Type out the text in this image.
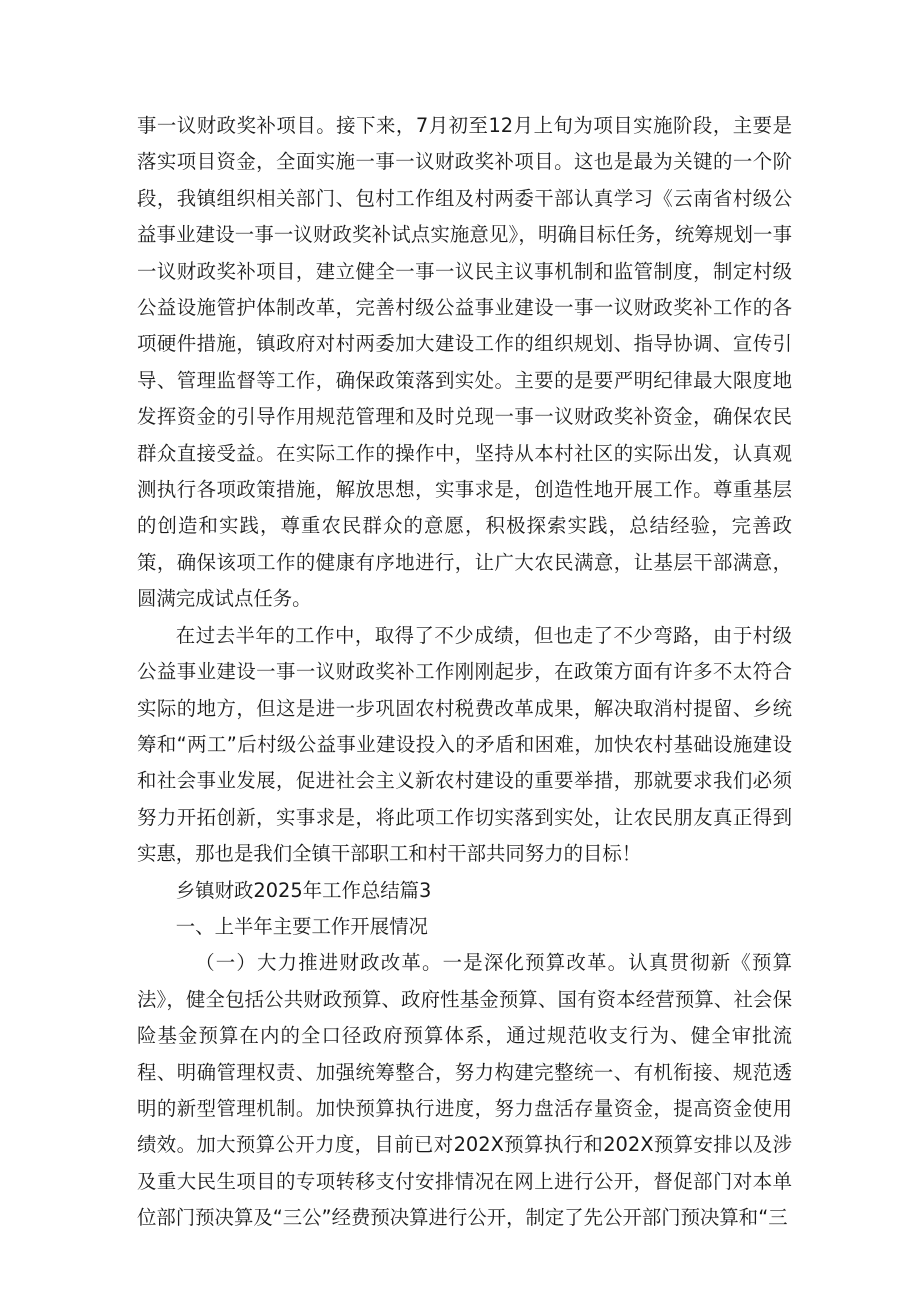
事一议财政奖补项目。接下来，7月初至12月上旬为项目实施阶段，主要是落实项目资金，全面实施一事一议财政奖补项目。这也是最为关键的一个阶段，我镇组织相关部门、包村工作组及村两委干部认真学习《云南省村级公益事业建设一事一议财政奖补试点实施意见》，明确目标任务，统筹规划一事一议财政奖补项目，建立健全一事一议民主议事机制和监管制度，制定村级公益设施管护体制改革，完善村级公益事业建设一事一议财政奖补工作的各项硬件措施，镇政府对村两委加大建设工作的组织规划、指导协调、宣传引导、管理监督等工作，确保政策落到实处。主要的是要严明纪律最大限度地发挥资金的引导作用规范管理和及时兑现一事一议财政奖补资金，确保农民群众直接受益。在实际工作的操作中，坚持从本村社区的实际出发，认真观测执行各项政策措施，解放思想，实事求是，创造性地开展工作。尊重基层的创造和实践，尊重农民群众的意愿，积极探索实践，总结经验，完善政策，确保该项工作的健康有序地进行，让广大农民满意，让基层干部满意，圆满完成试点任务。

在过去半年的工作中，取得了不少成绩，但也走了不少弯路，由于村级公益事业建设一事一议财政奖补工作刚刚起步，在政策方面有许多不太符合实际的地方，但这是进一步巩固农村税费改革成果，解决取消村提留、乡统筹和“两工”后村级公益事业建设投入的矛盾和困难，加快农村基础设施建设和社会事业发展，促进社会主义新农村建设的重要举措，那就要求我们必须努力开拓创新，实事求是，将此项工作切实落到实处，让农民朋友真正得到实惠，那也是我们全镇干部职工和村干部共同努力的目标！

乡镇财政2025年工作总结篇3

一、上半年主要工作开展情况

（一）大力推进财政改革。一是深化预算改革。认真贯彻新《预算法》，健全包括公共财政预算、政府性基金预算、国有资本经营预算、社会保险基金预算在内的全口径政府预算体系，通过规范收支行为、健全审批流程、明确管理权责、加强统筹整合，努力构建完整统一、有机衔接、规范透明的新型管理机制。加快预算执行进度，努力盘活存量资金，提高资金使用绩效。加大预算公开力度，目前已对202X预算执行和202X预算安排以及涉及重大民生项目的专项转移支付安排情况在网上进行公开，督促部门对本单位部门预决算及“三公”经费预决算进行公开，制定了先公开部门预决算和“三
